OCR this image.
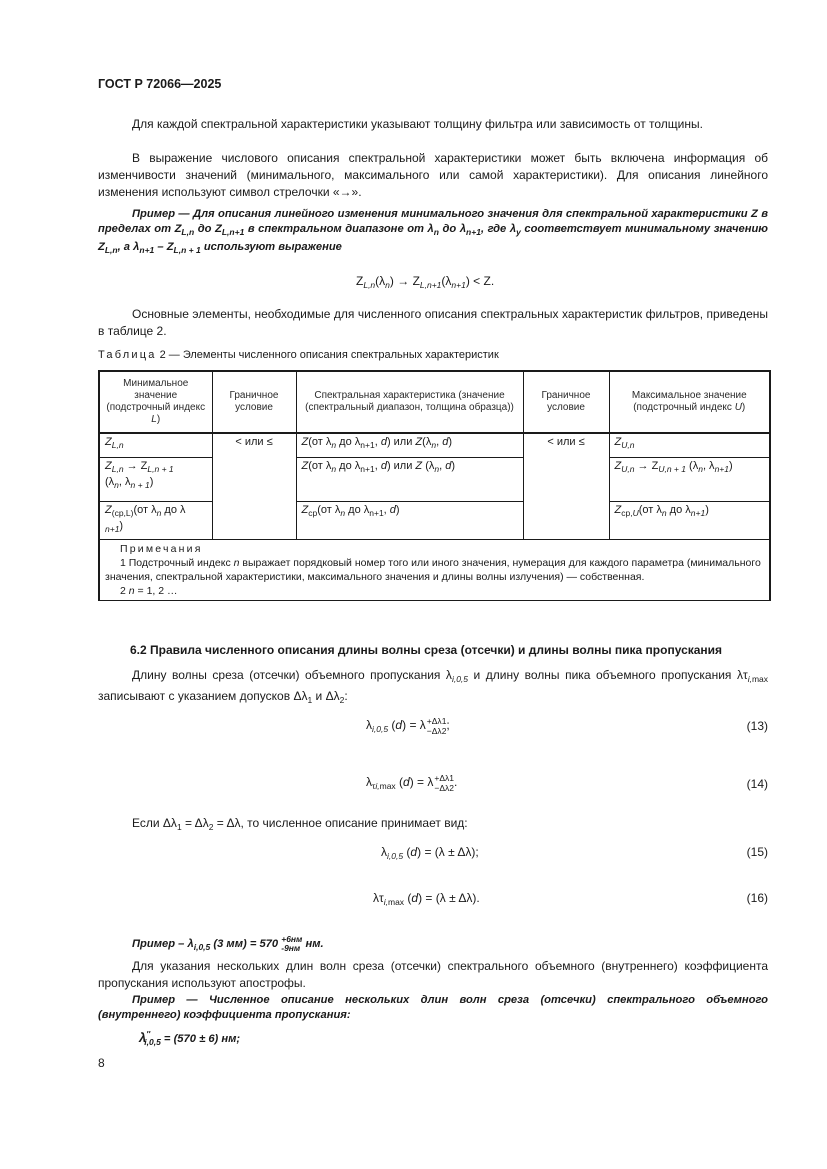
ГОСТ Р 72066—2025
Для каждой спектральной характеристики указывают толщину фильтра или зависимость от толщины.
В выражение числового описания спектральной характеристики может быть включена информация об изменчивости значений (минимального, максимального или самой характеристики). Для описания линейного изменения используют символ стрелочки «→».
Пример — Для описания линейного изменения минимального значения для спектральной характеристики Z в пределах от $Z_{L,n}$ до $Z_{L,n+1}$ в спектральном диапазоне от $\lambda_n$ до $\lambda_{n+1}$, где $\lambda_y$ соответствует минимальному значению $Z_{L,n}$, а $\lambda_{n+1} - Z_{L,n + 1}$ используют выражение
$Z_{L,n}(\lambda_n) \to Z_{L,n+1}(\lambda_{n+1}) < Z$.
Основные элементы, необходимые для численного описания спектральных характеристик фильтров, приведены в таблице 2.
Таблица 2 — Элементы численного описания спектральных характеристик
Минимальное значение (подстрочный индекс L)	Граничное условие	Спектральная характеристика (значение (спектральный диапазон, толщина образца))	Граничное условие	Максимальное значение (подстрочный индекс U)
$Z_{L,n}$	< или ≤	Z(от $\lambda_n$ до $\lambda_{n+1}$, d) или $Z(\lambda_n$, d)	< или ≤	$Z_{U,n}$
$Z_{L,n} \to Z_{L,n + 1}$
($\lambda_n$, $\lambda_{n + 1}$)		Z(от $\lambda_n$ до $\lambda_{n+1}$, d) или Z ($\lambda_n$, d)		$Z_{U,n} \to Z_{U,n + 1}$ ($\lambda_n$, $\lambda_{n+1}$)
$Z_{(ср,L)}(от$ $\lambda_n$ до λ
$_{n+1}$)		$Z_{ср}(от$ $\lambda_n$ до $\lambda_{n+1}$, d)		$Z_{ср,U}(от$ $\lambda_n$ до $\lambda_{n+1}$)

Примечания

1 Подстрочный индекс n выражает порядковый номер того или иного значения, нумерация для каждого параметра (минимального значения, спектральной характеристики, максимального значения и длины волны излучения) — собственная.

2 n = 1, 2 …				

6.2 Правила численного описания длины волны среза (отсечки) и длины волны пика пропускания
Длину волны среза (отсечки) объемного пропускания $\lambda_{i,0,5}$ и длину волны пика объемного пропускания $\lambda\tau_{i,max}$ записывают с указанием допусков $\Delta\lambda_1$ и $\Delta\lambda_2$:
$\lambda_{i,0,5}$ (d) = λ+Δλ1
−Δλ2;	(13)
$\lambda_{\tau i,max}$ (d) = λ+Δλ1
−Δλ2.	(14)
Если $\Delta\lambda_1 = \Delta\lambda_2 = \Delta\lambda$, то численное описание принимает вид:
$\lambda_{i,0,5}$ (d) = (λ ± Δλ);	(15)
$\lambda\tau_{i,max}$ (d) = (λ ± Δλ).	(16)
Пример – $\lambda_{i,0,5}$ (3 мм) = 570 +6нм
-9нм нм.
Для указания нескольких длин волн среза (отсечки) спектрального объемного (внутреннего) коэффициента пропускания используют апострофы.
Пример — Численное описание нескольких длин волн среза (отсечки) спектрального объемного (внутреннего) коэффициента пропускания:
$\lambda''_{i,0,5} = (570 \pm 6)$ нм;
8
